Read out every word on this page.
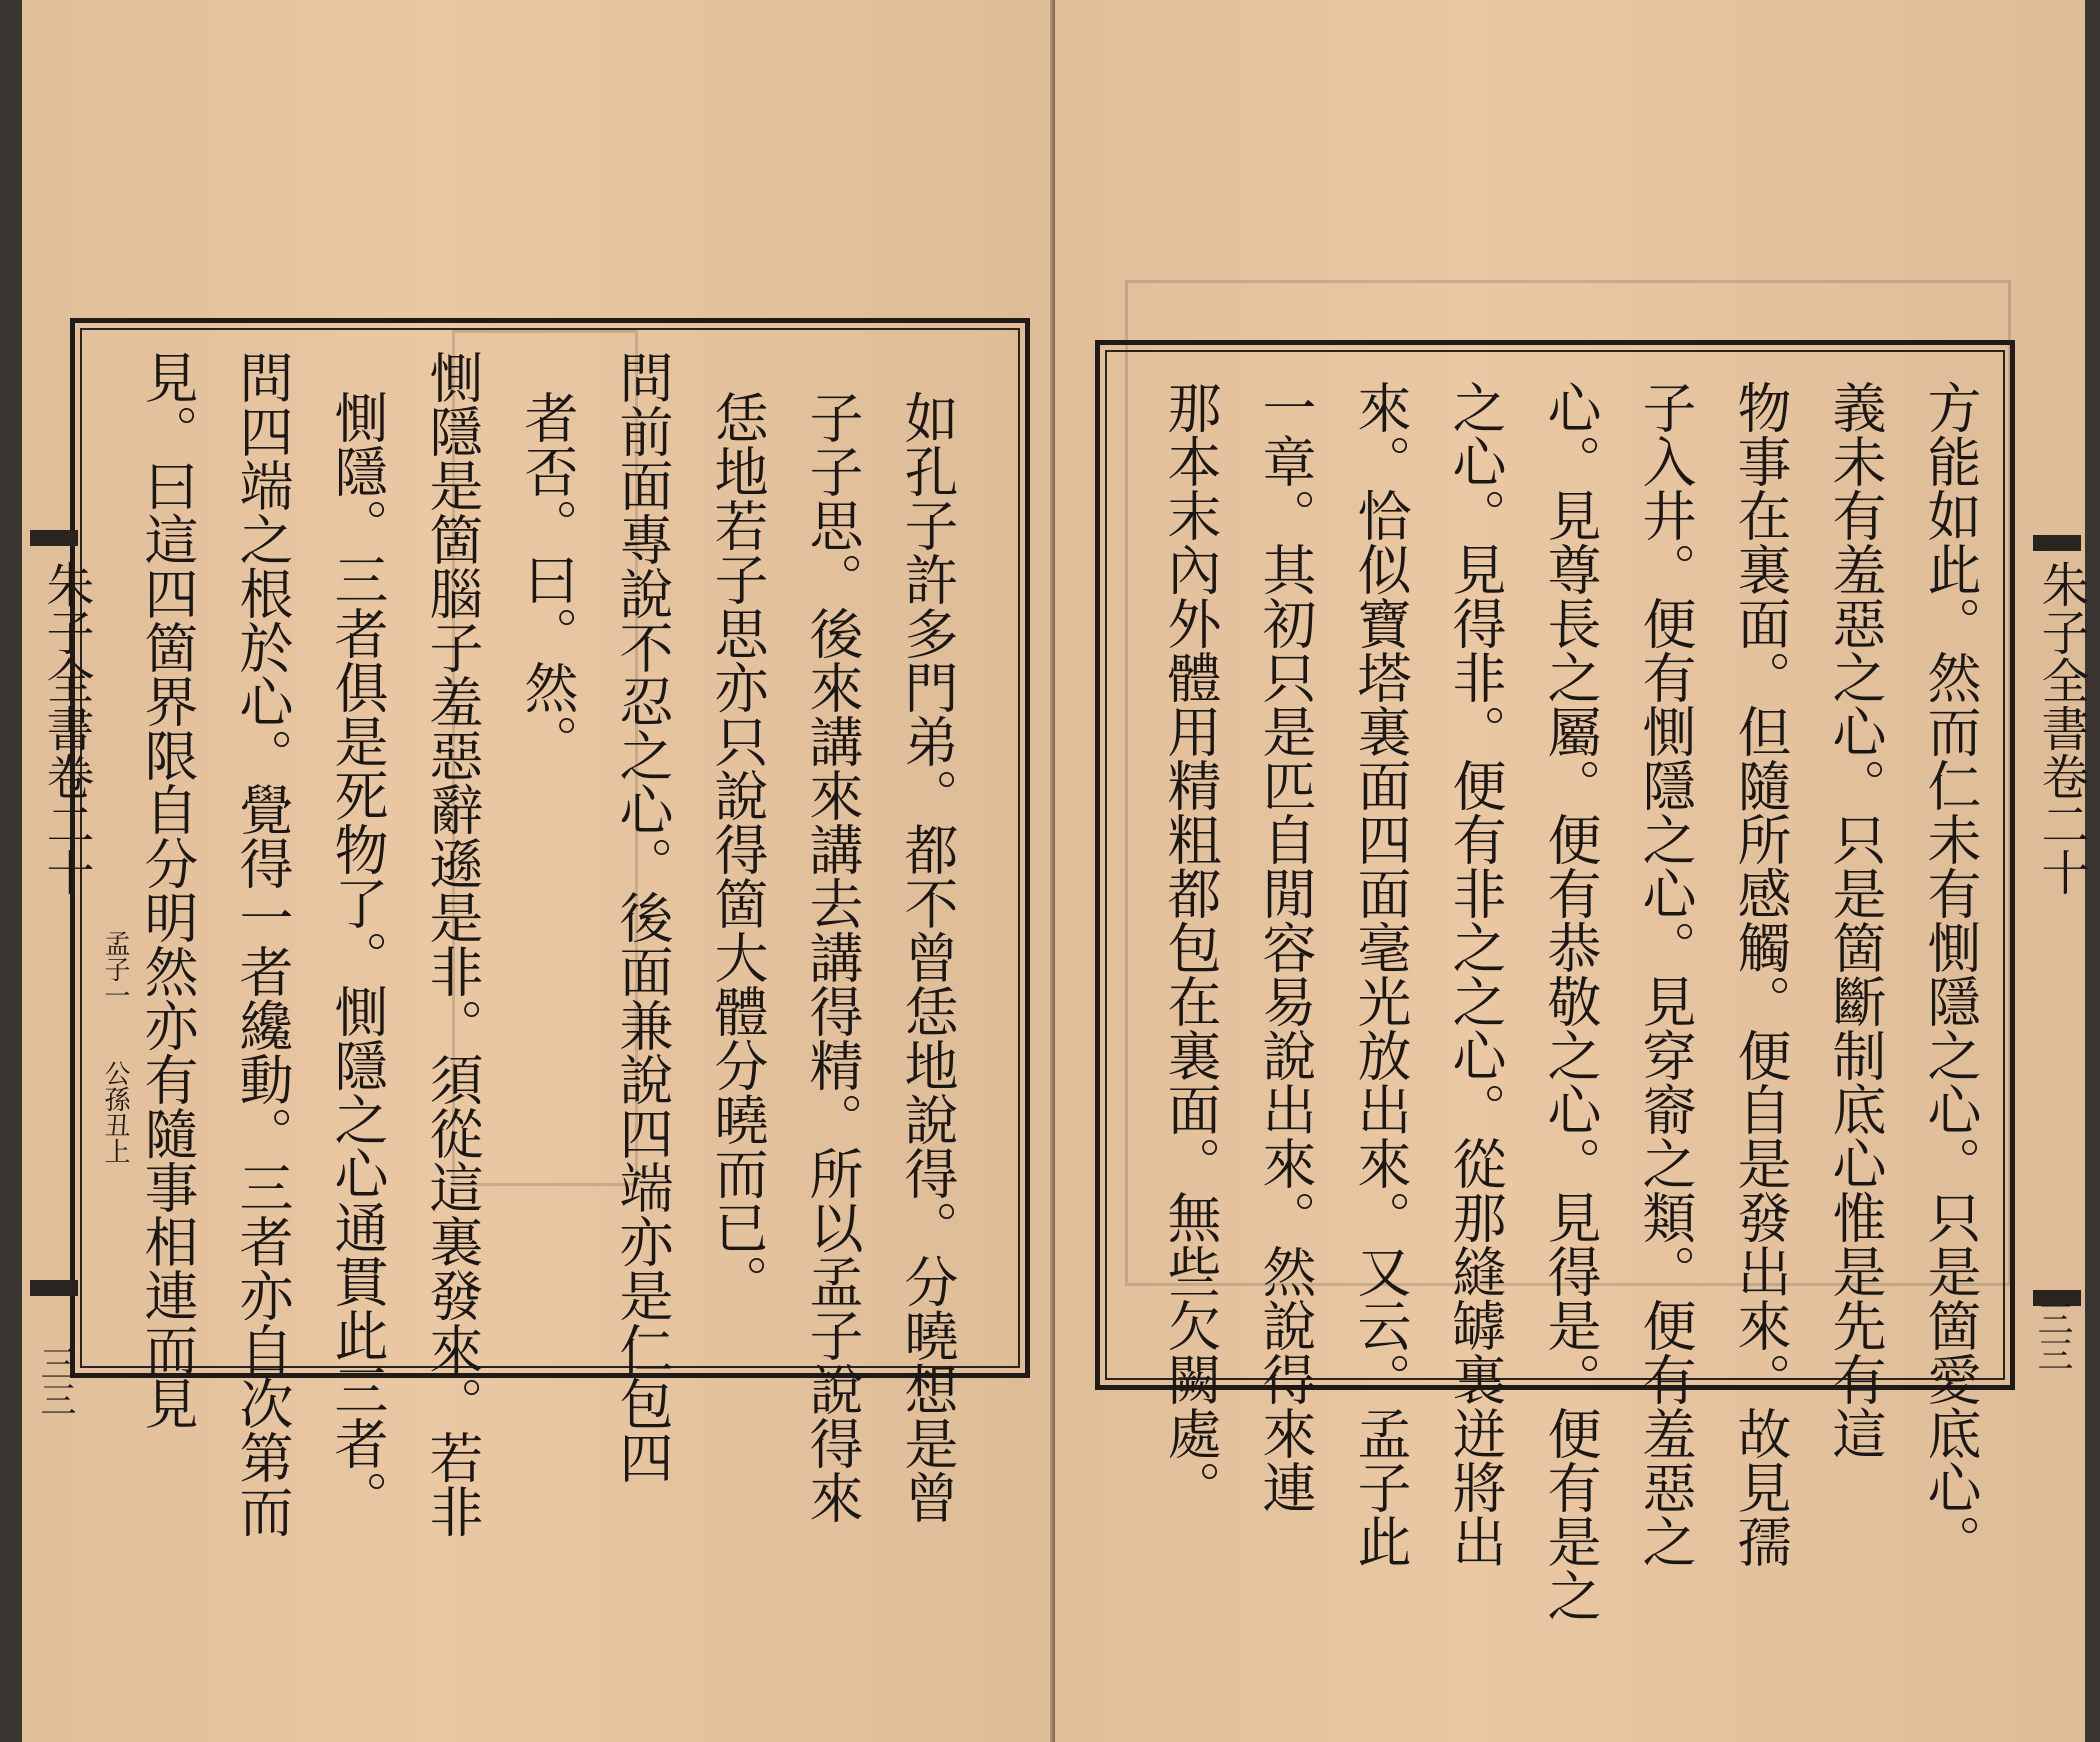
朱子全書卷二十
孟子一
公孫丑上
三三	如孔子許多門弟。都不曾恁地說得。分曉想是曾
子子思。後來講來講去講得精。所以孟子說得來
恁地若子思亦只說得箇大體分曉而已。
問前面專說不忍之心。後面兼說四端亦是仁包四
者否。曰。然。
惻隱是箇腦子羞惡辭遜是非。須從這裏發來。若非
惻隱。三者俱是死物了。惻隱之心通貫此三者。
問四端之根於心。覺得一者纔動。三者亦自次第而
見。曰這四箇界限自分明然亦有隨事相連而見	朱子全書卷二十
三三
方能如此。然而仁未有惻隱之心。只是箇愛底心。
義未有羞惡之心。只是箇斷制底心惟是先有這
物事在裏面。但隨所感觸。便自是發出來。故見孺
子入井。便有惻隱之心。見穿窬之類。便有羞惡之
心。見尊長之屬。便有恭敬之心。見得是。便有是之
之心。見得非。便有非之之心。從那縫罅裏迸將出
來。恰似寶塔裏面四面毫光放出來。又云。孟子此
一章。其初只是匹自閒容易說出來。然說得來連
那本末內外體用精粗都包在裏面。無些欠闕處。
